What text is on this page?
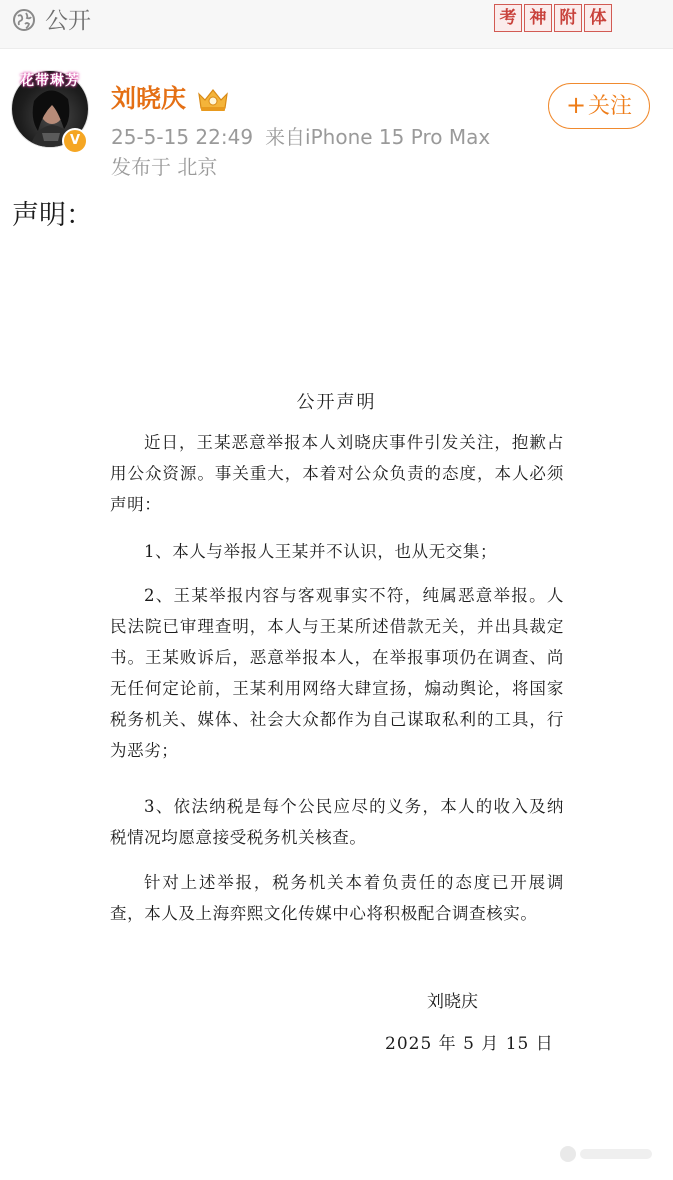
公开	考 神 附 体
花带琳芳
V
刘晓庆
25-5-15 22:49 来自iPhone 15 Pro Max
发布于 北京
+关注
声明：
公开声明
近日，王某恶意举报本人刘晓庆事件引发关注，抱歉占用公众资源。事关重大，本着对公众负责的态度，本人必须声明：
1、本人与举报人王某并不认识，也从无交集；
2、王某举报内容与客观事实不符，纯属恶意举报。人民法院已审理查明，本人与王某所述借款无关，并出具裁定书。王某败诉后，恶意举报本人，在举报事项仍在调查、尚无任何定论前，王某利用网络大肆宣扬，煽动舆论，将国家税务机关、媒体、社会大众都作为自己谋取私利的工具，行为恶劣；
3、依法纳税是每个公民应尽的义务，本人的收入及纳税情况均愿意接受税务机关核查。
针对上述举报，税务机关本着负责任的态度已开展调查，本人及上海弈熙文化传媒中心将积极配合调查核实。
刘晓庆
2025 年 5 月 15 日
